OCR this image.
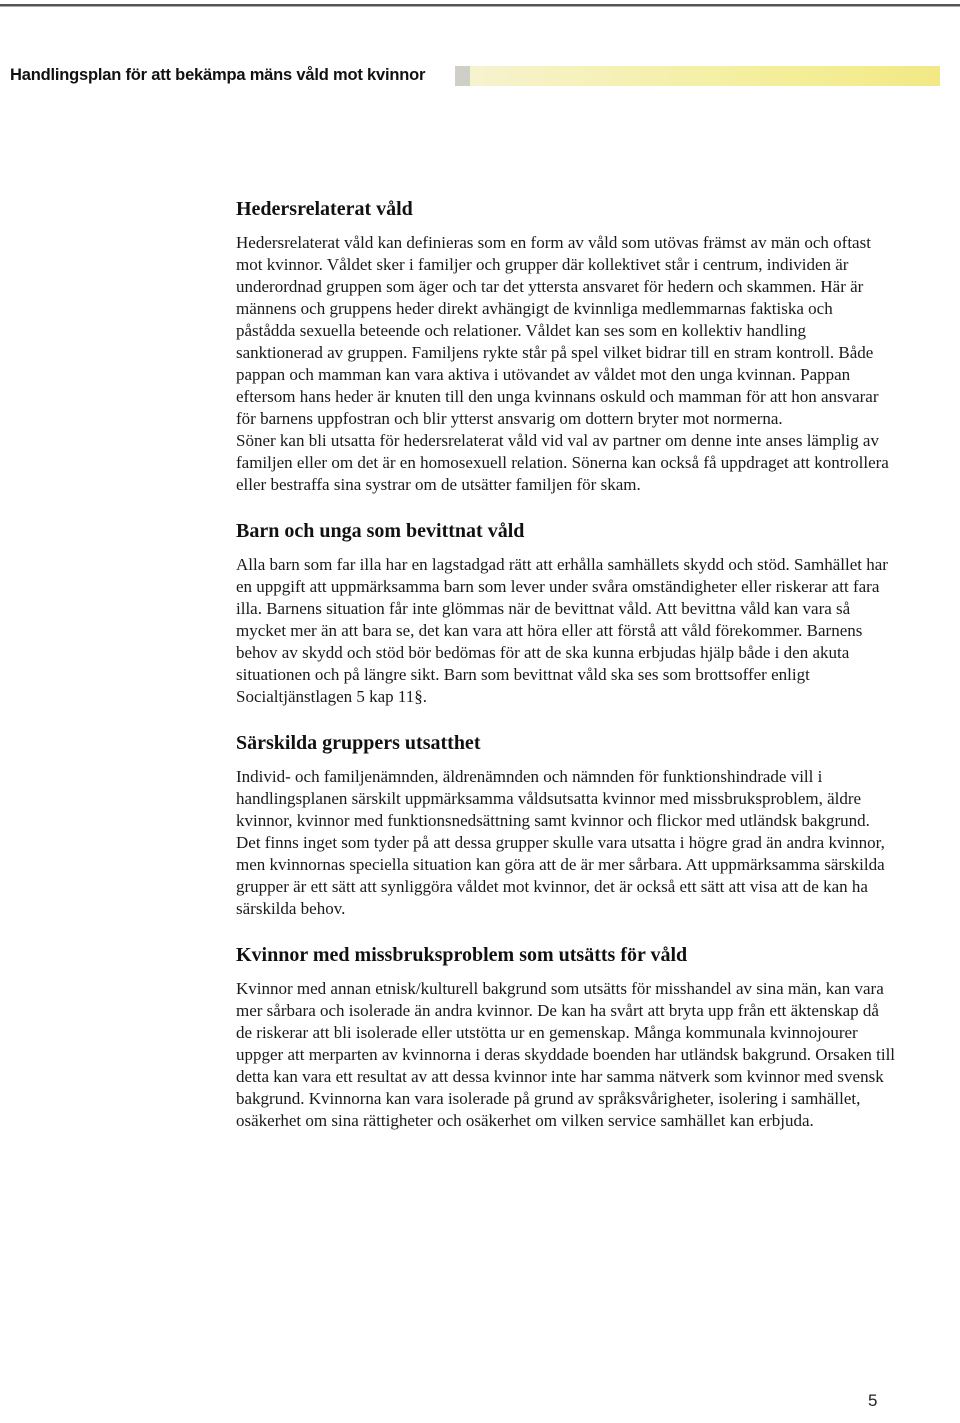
Handlingsplan för att bekämpa mäns våld mot kvinnor
Hedersrelaterat våld

Hedersrelaterat våld kan definieras som en form av våld som utövas främst av män och oftast mot kvinnor. Våldet sker i familjer och grupper där kollektivet står i centrum, individen är underordnad gruppen som äger och tar det yttersta ansvaret för hedern och skammen. Här är männens och gruppens heder direkt avhängigt de kvinnliga medlemmarnas faktiska och påstådda sexuella beteende och relationer. Våldet kan ses som en kollektiv handling sanktionerad av gruppen. Familjens rykte står på spel vilket bidrar till en stram kontroll. Både pappan och mamman kan vara aktiva i utövandet av våldet mot den unga kvinnan. Pappan eftersom hans heder är knuten till den unga kvinnans oskuld och mamman för att hon ansvarar för barnens uppfostran och blir ytterst ansvarig om dottern bryter mot normerna.

Söner kan bli utsatta för hedersrelaterat våld vid val av partner om denne inte anses lämplig av familjen eller om det är en homosexuell relation. Sönerna kan också få uppdraget att kontrollera eller bestraffa sina systrar om de utsätter familjen för skam.

Barn och unga som bevittnat våld

Alla barn som far illa har en lagstadgad rätt att erhålla samhällets skydd och stöd. Samhället har en uppgift att uppmärksamma barn som lever under svåra omständigheter eller riskerar att fara illa. Barnens situation får inte glömmas när de bevittnat våld. Att bevittna våld kan vara så mycket mer än att bara se, det kan vara att höra eller att förstå att våld förekommer. Barnens behov av skydd och stöd bör bedömas för att de ska kunna erbjudas hjälp både i den akuta situationen och på längre sikt. Barn som bevittnat våld ska ses som brottsoffer enligt Socialtjänstlagen 5 kap 11§.

Särskilda gruppers utsatthet

Individ- och familjenämnden, äldrenämnden och nämnden för funktionshindrade vill i handlingsplanen särskilt uppmärksamma våldsutsatta kvinnor med missbruksproblem, äldre kvinnor, kvinnor med funktionsnedsättning samt kvinnor och flickor med utländsk bakgrund. Det finns inget som tyder på att dessa grupper skulle vara utsatta i högre grad än andra kvinnor, men kvinnornas speciella situation kan göra att de är mer sårbara. Att uppmärksamma särskilda grupper är ett sätt att synliggöra våldet mot kvinnor, det är också ett sätt att visa att de kan ha särskilda behov.

Kvinnor med missbruksproblem som utsätts för våld

Kvinnor med annan etnisk/kulturell bakgrund som utsätts för misshandel av sina män, kan vara mer sårbara och isolerade än andra kvinnor. De kan ha svårt att bryta upp från ett äktenskap då de riskerar att bli isolerade eller utstötta ur en gemenskap. Många kommunala kvinnojourer uppger att merparten av kvinnorna i deras skyddade boenden har utländsk bakgrund. Orsaken till detta kan vara ett resultat av att dessa kvinnor inte har samma nätverk som kvinnor med svensk bakgrund. Kvinnorna kan vara isolerade på grund av språksvårigheter, isolering i samhället, osäkerhet om sina rättigheter och osäkerhet om vilken service samhället kan erbjuda.

5
